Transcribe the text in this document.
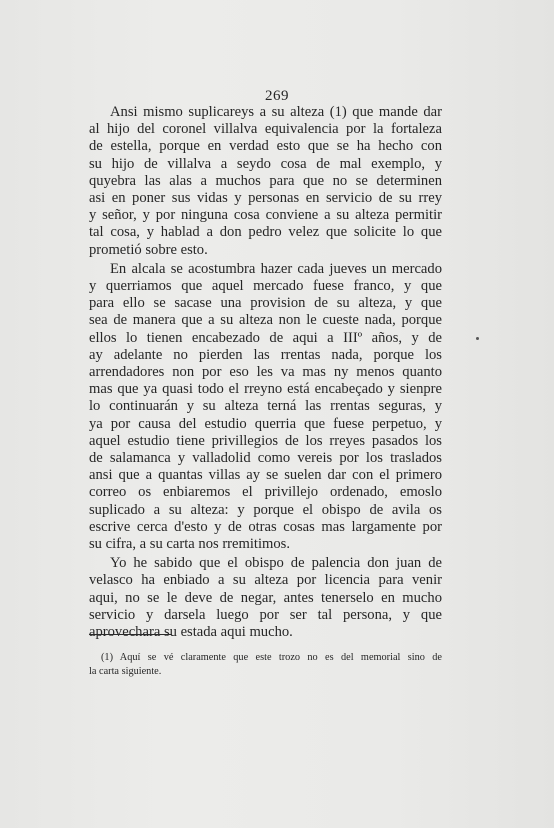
269
Ansi mismo suplicareys a su alteza (1) que mande dar
al hijo del coronel villalva equivalencia por la fortaleza
de estella, porque en verdad esto que se ha hecho con
su hijo de villalva a seydo cosa de mal exemplo, y
quyebra las alas a muchos para que no se determinen
asi en poner sus vidas y personas en servicio de su rrey
y señor, y por ninguna cosa conviene a su alteza permitir
tal cosa, y hablad a don pedro velez que solicite lo que
prometió sobre esto.
En alcala se acostumbra hazer cada jueves un mercado
y querriamos que aquel mercado fuese franco, y que
para ello se sacase una provision de su alteza, y que
sea de manera que a su alteza non le cueste nada, porque
ellos lo tienen encabezado de aqui a IIIº años, y de
ay adelante no pierden las rrentas nada, porque los
arrendadores non por eso les va mas ny menos quanto
mas que ya quasi todo el rreyno está encabeçado y sienpre
lo continuarán y su alteza terná las rrentas seguras, y
ya por causa del estudio querria que fuese perpetuo, y
aquel estudio tiene privillegios de los rreyes pasados los
de salamanca y valladolid como vereis por los traslados
ansi que a quantas villas ay se suelen dar con el primero
correo os enbiaremos el privillejo ordenado, emoslo
suplicado a su alteza: y porque el obispo de avila os
escrive cerca d'esto y de otras cosas mas largamente por
su cifra, a su carta nos rremitimos.
Yo he sabido que el obispo de palencia don juan de
velasco ha enbiado a su alteza por licencia para venir
aqui, no se le deve de negar, antes tenerselo en mucho
servicio y darsela luego por ser tal persona, y que
aprovechara su estada aqui mucho.
(1) Aquí se vé claramente que este trozo no es del memorial sino de
la carta siguiente.
